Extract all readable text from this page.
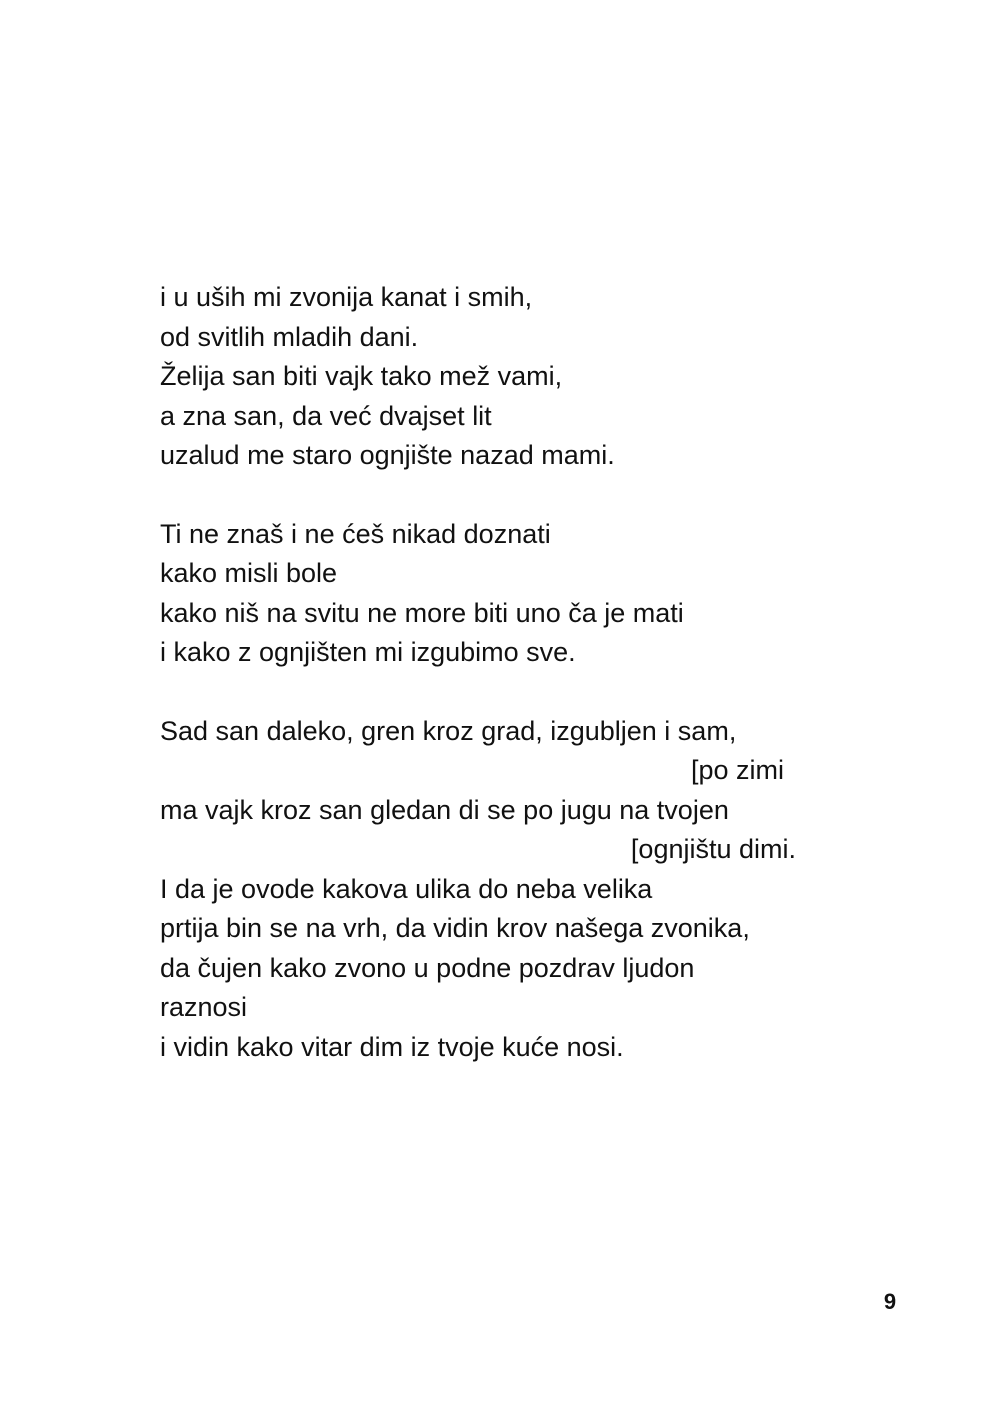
i u uših mi zvonija kanat i smih,
od svitlih mladih dani.
Želija san biti vajk tako mež vami,
a zna san, da već dvajset lit
uzalud me staro ognjište nazad mami.
Ti ne znaš i ne ćeš nikad doznati
kako misli bole
kako niš na svitu ne more biti uno ča je mati
i kako z ognjišten mi izgubimo sve.
Sad san daleko, gren kroz grad, izgubljen i sam,
[po zimi
ma vajk kroz san gledan di se po jugu na tvojen
[ognjištu dimi.
I da je ovode kakova ulika do neba velika
prtija bin se na vrh, da vidin krov našega zvonika,
da čujen kako zvono u podne pozdrav ljudon
raznosi
i vidin kako vitar dim iz tvoje kuće nosi.
9
